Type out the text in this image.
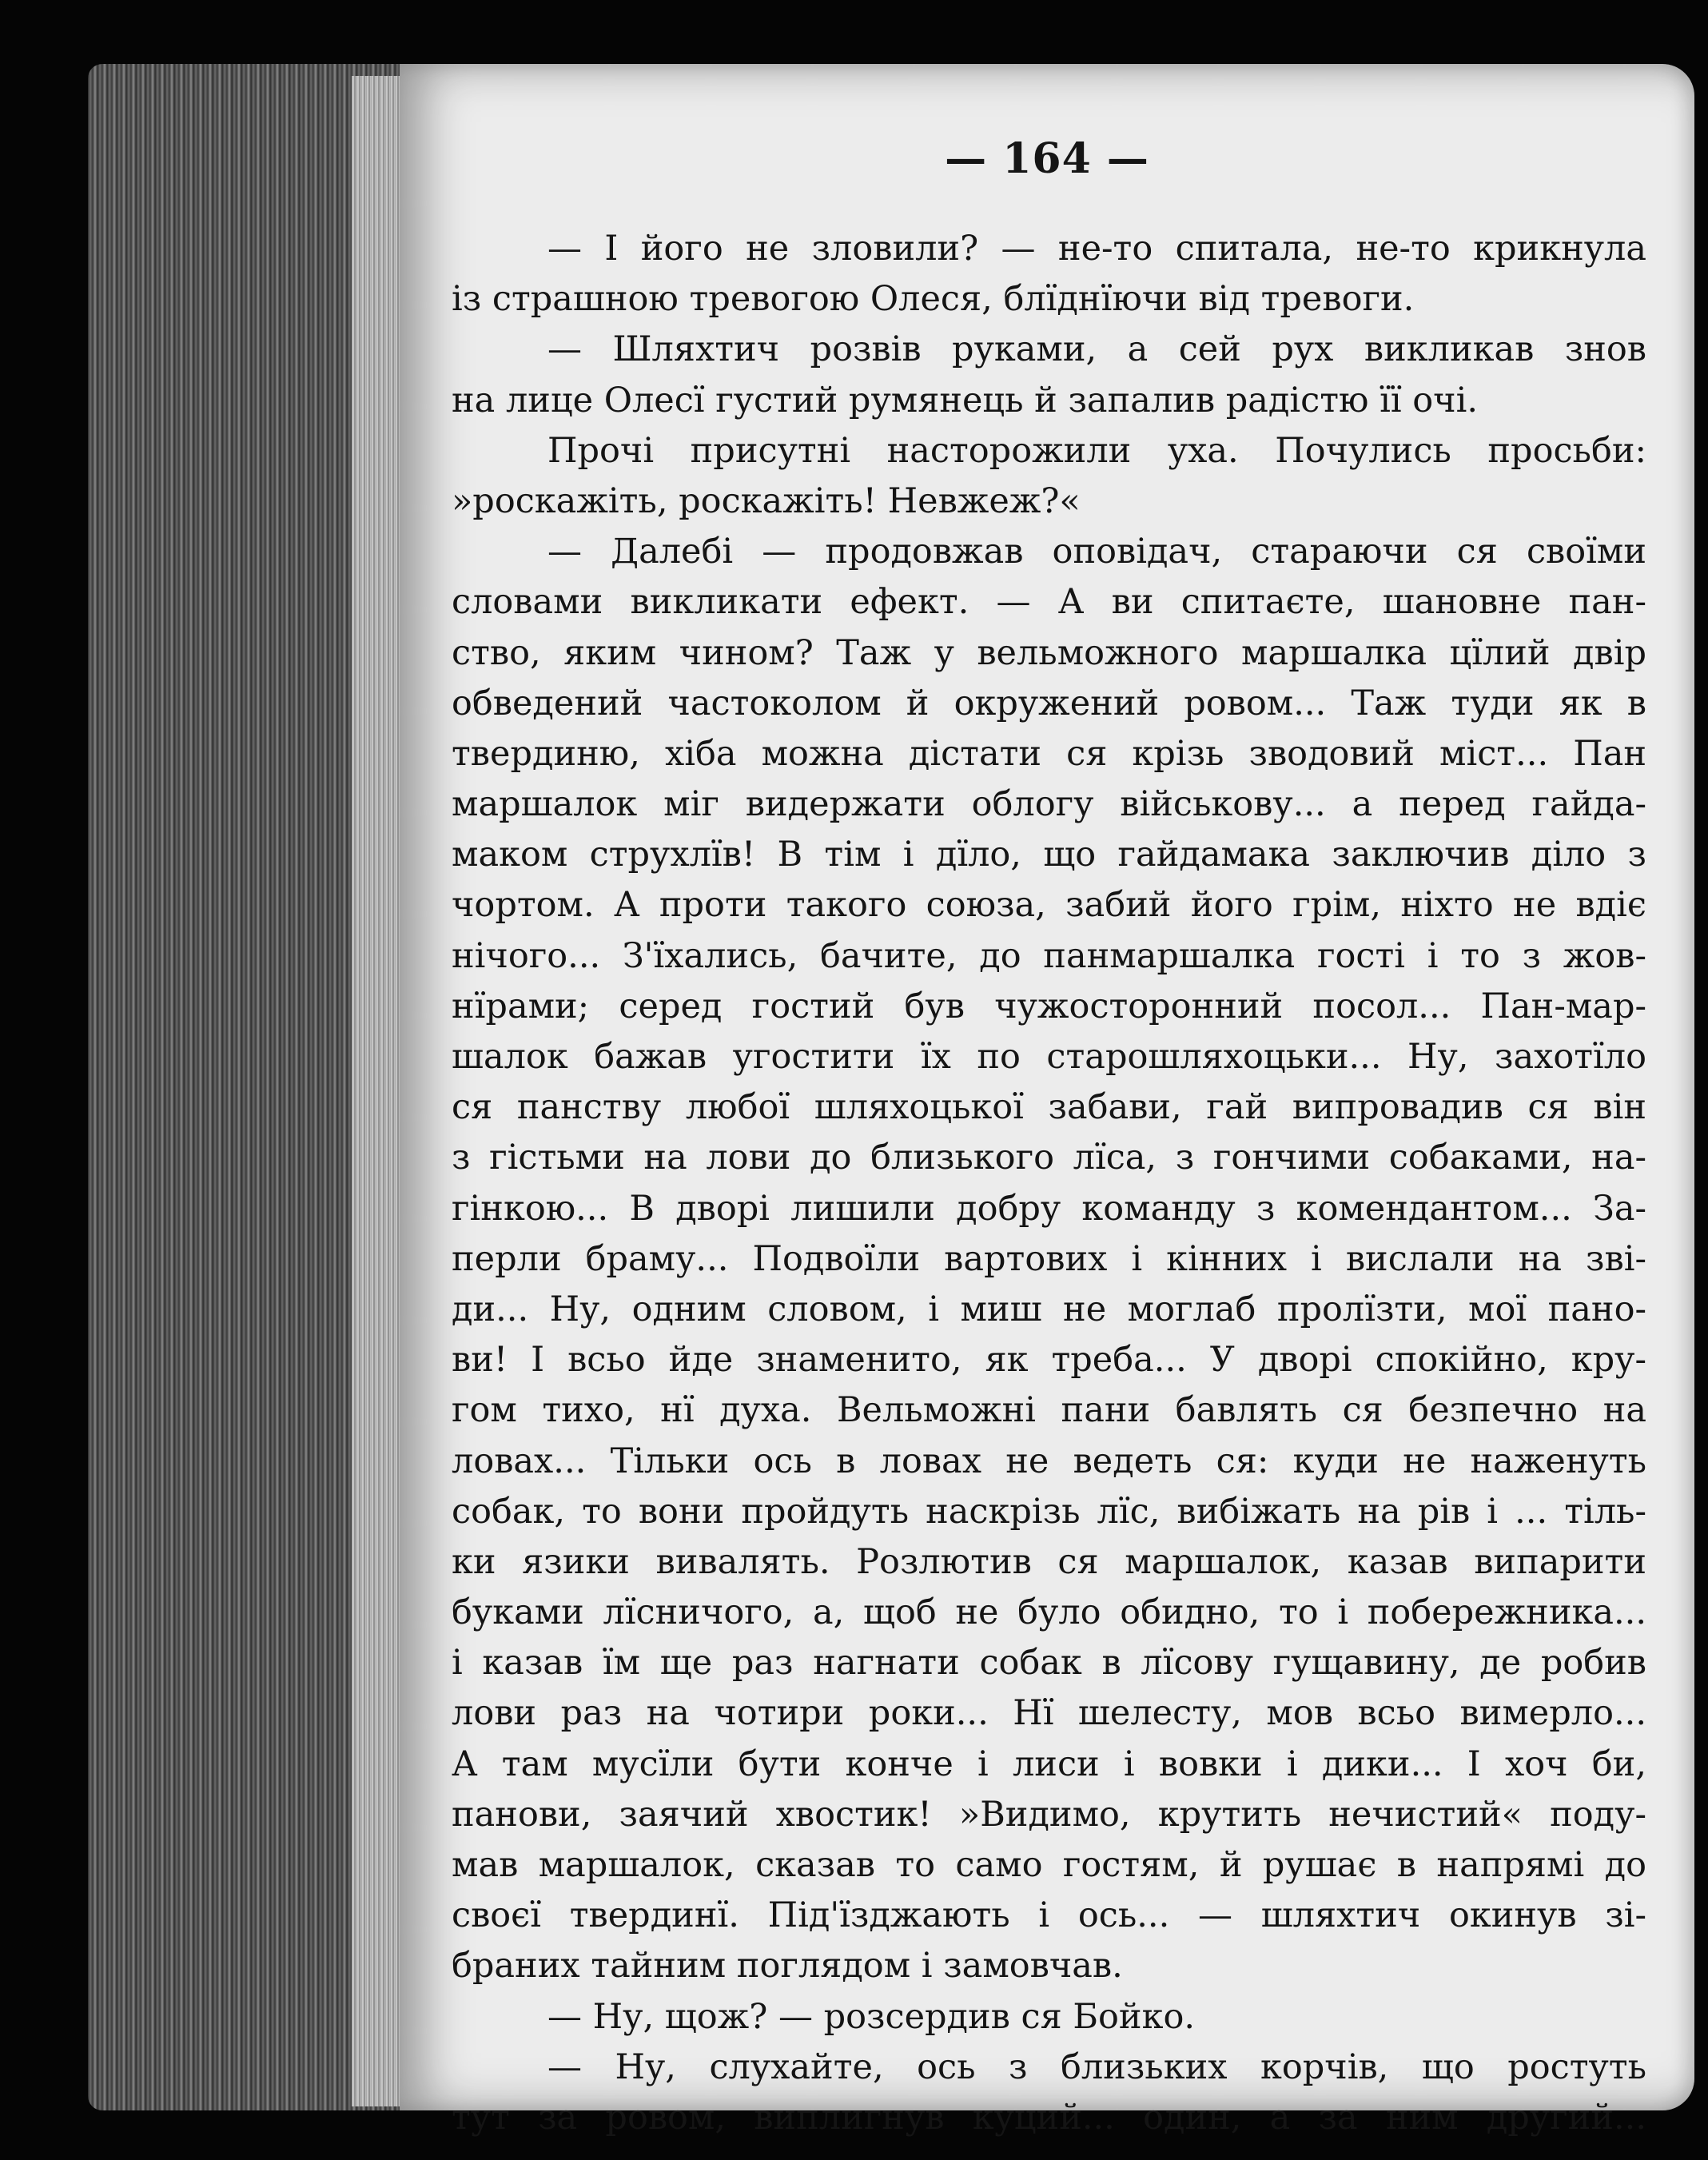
— 164 —
— І його не зловили? — не-то спитала, не-то крикнула
із страшною тревогою Олеся, блїднїючи від тревоги.
— Шляхтич розвів руками, а сей рух викликав знов
на лице Олесї густий румянець й запалив радістю її очі.
Прочі присутні насторожили уха. Почулись просьби:
»роскажіть, роскажіть! Невжеж?«
— Далебі — продовжав оповідач, стараючи ся своїми
словами викликати ефект. — А ви спитаєте, шановне пан-
ство, яким чином? Таж у вельможного маршалка цїлий двір
обведений частоколом й окружений ровом... Таж туди як в
твердиню, хіба можна дістати ся крізь зводовий міст... Пан
маршалок міг видержати облогу військову... а перед гайда-
маком струхлїв! В тім і дїло, що гайдамака заключив діло з
чортом. А проти такого союза, забий його грім, ніхто не вдіє
нічого... З'їхались, бачите, до панмаршалка гості і то з жов-
нїрами; серед гостий був чужосторонний посол... Пан-мар-
шалок бажав угостити їх по старошляхоцьки... Ну, захотїло
ся панству любої шляхоцької забави, гай випровадив ся він
з гістьми на лови до близького лїса, з гончими собаками, на-
гінкою... В дворі лишили добру команду з комендантом... За-
перли браму... Подвоїли вартових і кінних і вислали на зві-
ди... Ну, одним словом, і миш не моглаб пролїзти, мої пано-
ви! І всьо йде знаменито, як треба... У дворі спокійно, кру-
гом тихо, нї духа. Вельможні пани бавлять ся безпечно на
ловах... Тільки ось в ловах не ведеть ся: куди не наженуть
собак, то вони пройдуть наскрізь лїс, вибіжать на рів і ... тіль-
ки язики вивалять. Розлютив ся маршалок, казав випарити
буками лїсничого, а, щоб не було обидно, то і побережника...
і казав їм ще раз нагнати собак в лїсову гущавину, де робив
лови раз на чотири роки... Нї шелесту, мов всьо вимерло...
А там мусїли бути конче і лиси і вовки і дики... І хоч би,
панови, заячий хвостик! »Видимо, крутить нечистий« поду-
мав маршалок, сказав то само гостям, й рушає в напрямі до
своєї твердинї. Під'їзджають і ось... — шляхтич окинув зі-
браних тайним поглядом і замовчав.
— Ну, щож? — розсердив ся Бойко.
— Ну, слухайте, ось з близьких корчів, що ростуть
тут за ровом, виплигнув куций... один, а за ним другий...
